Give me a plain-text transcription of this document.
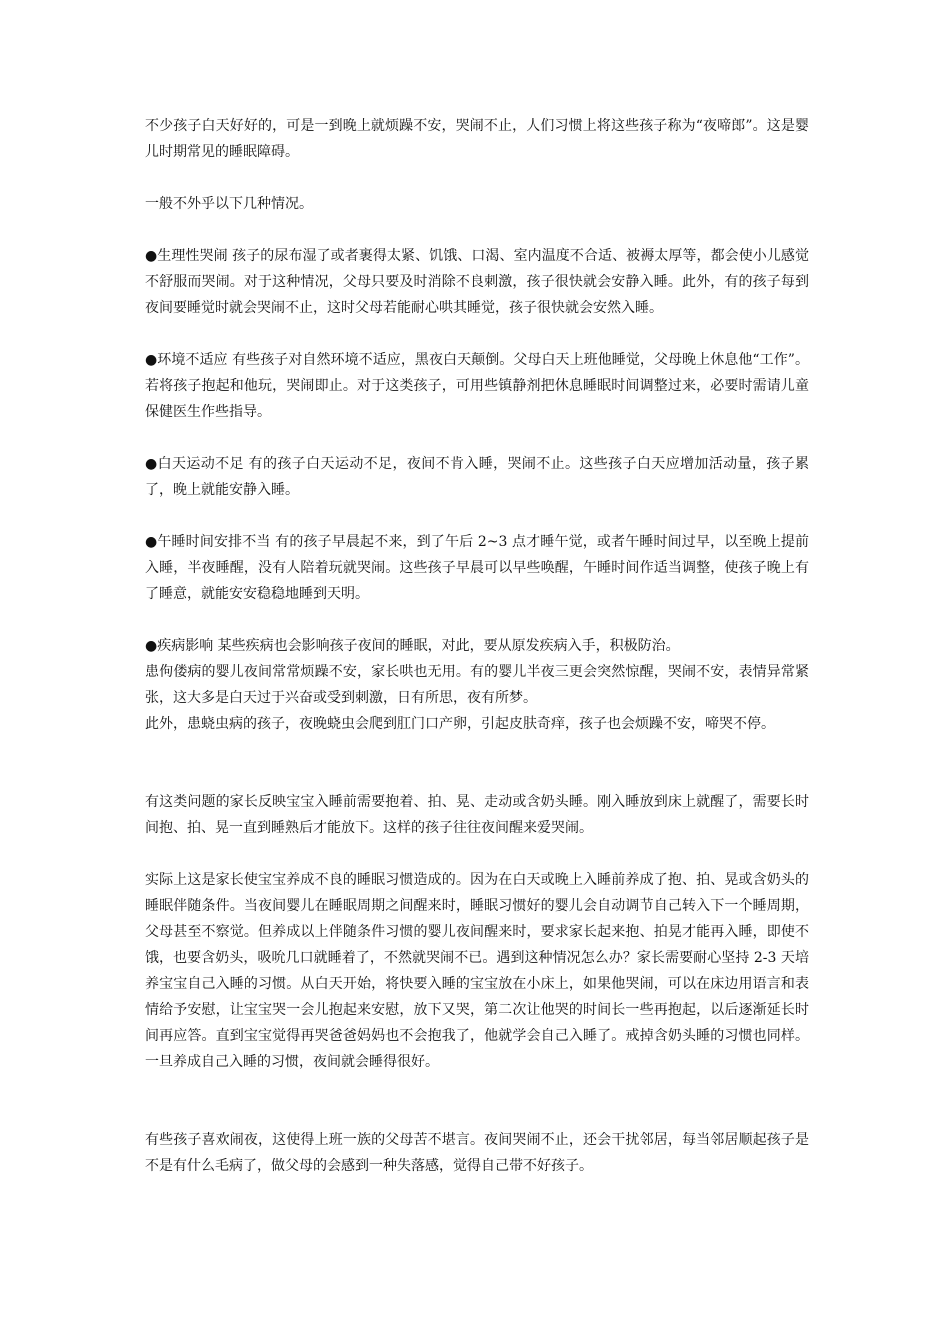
不少孩子白天好好的，可是一到晚上就烦躁不安，哭闹不止，人们习惯上将这些孩子称为“夜啼郎”。这是婴儿时期常见的睡眠障碍。

一般不外乎以下几种情况。

●生理性哭闹 孩子的尿布湿了或者裹得太紧、饥饿、口渴、室内温度不合适、被褥太厚等，都会使小儿感觉不舒服而哭闹。对于这种情况，父母只要及时消除不良刺激，孩子很快就会安静入睡。此外，有的孩子每到夜间要睡觉时就会哭闹不止，这时父母若能耐心哄其睡觉，孩子很快就会安然入睡。

●环境不适应 有些孩子对自然环境不适应，黑夜白天颠倒。父母白天上班他睡觉，父母晚上休息他“工作”。若将孩子抱起和他玩，哭闹即止。对于这类孩子，可用些镇静剂把休息睡眠时间调整过来，必要时需请儿童保健医生作些指导。

●白天运动不足 有的孩子白天运动不足，夜间不肯入睡，哭闹不止。这些孩子白天应增加活动量，孩子累了，晚上就能安静入睡。

●午睡时间安排不当 有的孩子早晨起不来，到了午后 2~3 点才睡午觉，或者午睡时间过早，以至晚上提前入睡，半夜睡醒，没有人陪着玩就哭闹。这些孩子早晨可以早些唤醒，午睡时间作适当调整，使孩子晚上有了睡意，就能安安稳稳地睡到天明。

●疾病影响 某些疾病也会影响孩子夜间的睡眠，对此，要从原发疾病入手，积极防治。

患佝偻病的婴儿夜间常常烦躁不安，家长哄也无用。有的婴儿半夜三更会突然惊醒，哭闹不安，表情异常紧张，这大多是白天过于兴奋或受到刺激，日有所思，夜有所梦。

此外，患蛲虫病的孩子，夜晚蛲虫会爬到肛门口产卵，引起皮肤奇痒，孩子也会烦躁不安，啼哭不停。

有这类问题的家长反映宝宝入睡前需要抱着、拍、晃、走动或含奶头睡。刚入睡放到床上就醒了，需要长时间抱、拍、晃一直到睡熟后才能放下。这样的孩子往往夜间醒来爱哭闹。

实际上这是家长使宝宝养成不良的睡眠习惯造成的。因为在白天或晚上入睡前养成了抱、拍、晃或含奶头的睡眠伴随条件。当夜间婴儿在睡眠周期之间醒来时，睡眠习惯好的婴儿会自动调节自己转入下一个睡周期，父母甚至不察觉。但养成以上伴随条件习惯的婴儿夜间醒来时，要求家长起来抱、拍晃才能再入睡，即使不饿，也要含奶头，吸吮几口就睡着了，不然就哭闹不已。遇到这种情况怎么办？家长需要耐心坚持 2-3 天培养宝宝自己入睡的习惯。从白天开始，将快要入睡的宝宝放在小床上，如果他哭闹，可以在床边用语言和表情给予安慰，让宝宝哭一会儿抱起来安慰，放下又哭，第二次让他哭的时间长一些再抱起，以后逐渐延长时间再应答。直到宝宝觉得再哭爸爸妈妈也不会抱我了，他就学会自己入睡了。戒掉含奶头睡的习惯也同样。一旦养成自己入睡的习惯，夜间就会睡得很好。

有些孩子喜欢闹夜，这使得上班一族的父母苦不堪言。夜间哭闹不止，还会干扰邻居，每当邻居顺起孩子是不是有什么毛病了，做父母的会感到一种失落感，觉得自己带不好孩子。
